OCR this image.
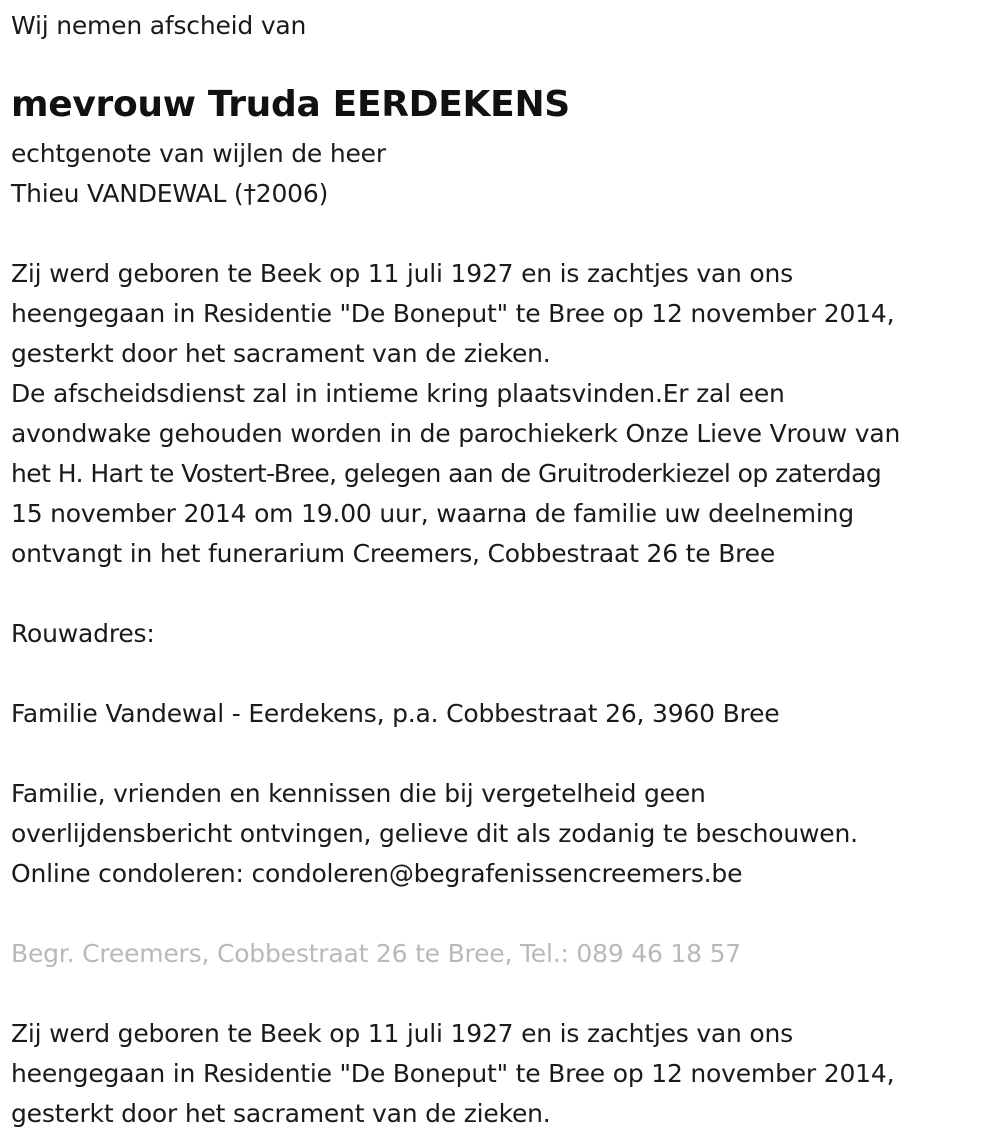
Wij nemen afscheid van
mevrouw Truda EERDEKENS
echtgenote van wijlen de heer
Thieu VANDEWAL (†2006)
Zij werd geboren te Beek op 11 juli 1927 en is zachtjes van ons
heengegaan in Residentie "De Boneput" te Bree op 12 november 2014,
gesterkt door het sacrament van de zieken.
De afscheidsdienst zal in intieme kring plaatsvinden.Er zal een
avondwake gehouden worden in de parochiekerk Onze Lieve Vrouw van
het H. Hart te Vostert-Bree, gelegen aan de Gruitroderkiezel op zaterdag
15 november 2014 om 19.00 uur, waarna de familie uw deelneming
ontvangt in het funerarium Creemers, Cobbestraat 26 te Bree
Rouwadres:
Familie Vandewal - Eerdekens, p.a. Cobbestraat 26, 3960 Bree
Familie, vrienden en kennissen die bij vergetelheid geen
overlijdensbericht ontvingen, gelieve dit als zodanig te beschouwen.
Online condoleren: condoleren@begrafenissencreemers.be
Begr. Creemers, Cobbestraat 26 te Bree, Tel.: 089 46 18 57
Zij werd geboren te Beek op 11 juli 1927 en is zachtjes van ons
heengegaan in Residentie "De Boneput" te Bree op 12 november 2014,
gesterkt door het sacrament van de zieken.
